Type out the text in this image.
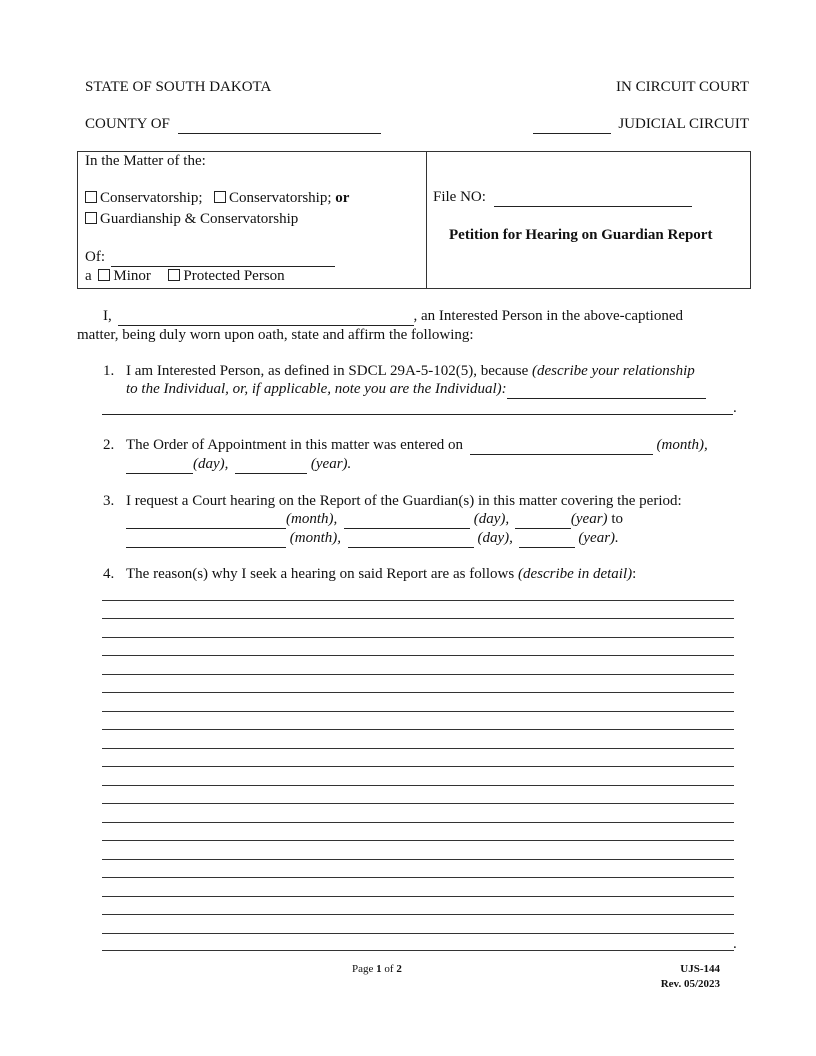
STATE OF SOUTH DAKOTA	IN CIRCUIT COURT
COUNTY OF	JUDICIAL CIRCUIT
In the Matter of the:
Conservatorship; Conservatorship; or
Guardianship & Conservatorship
Of:
a Minor Protected Person
File NO:
Petition for Hearing on Guardian Report
I,	, an Interested Person in the above-captioned
matter, being duly worn upon oath, state and affirm the following:
1. I am Interested Person, as defined in SDCL 29A-5-102(5), because (describe your relationship
to the Individual, or, if applicable, note you are the Individual):
.
2. The Order of Appointment in this matter was entered on	(month),
(day),	(year).
3. I request a Court hearing on the Report of the Guardian(s) in this matter covering the period:
(month),	(day),	(year) to
(month),	(day),	(year).
4. The reason(s) why I seek a hearing on said Report are as follows (describe in detail):
.
Page 1 of 2	UJS-144
Rev. 05/2023
